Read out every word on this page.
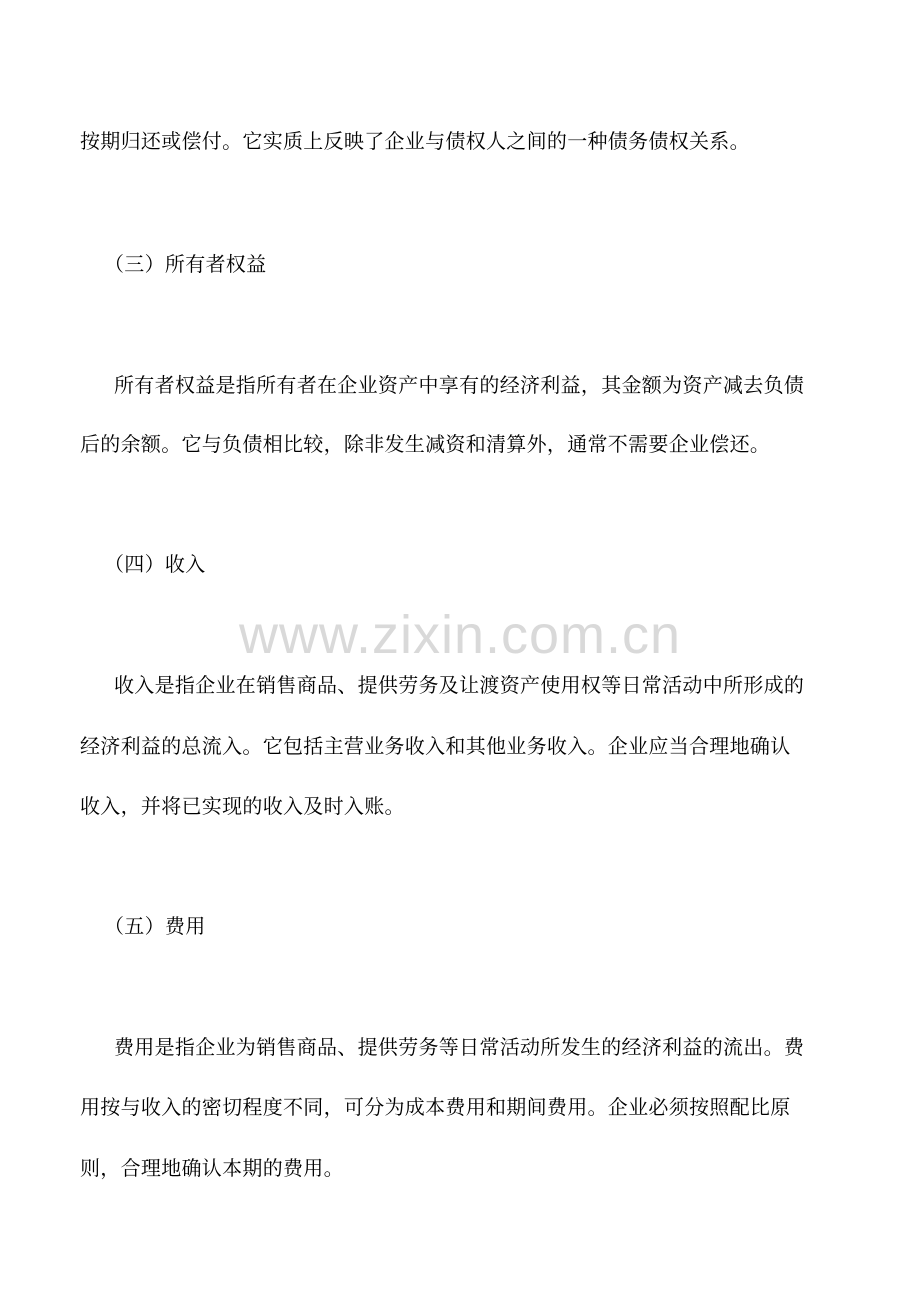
www.zixin.com.cn
按期归还或偿付。它实质上反映了企业与债权人之间的一种债务债权关系。
（三）所有者权益
所有者权益是指所有者在企业资产中享有的经济利益，其金额为资产减去负债
后的余额。它与负债相比较，除非发生减资和清算外，通常不需要企业偿还。
（四）收入
收入是指企业在销售商品、提供劳务及让渡资产使用权等日常活动中所形成的
经济利益的总流入。它包括主营业务收入和其他业务收入。企业应当合理地确认
收入，并将已实现的收入及时入账。
（五）费用
费用是指企业为销售商品、提供劳务等日常活动所发生的经济利益的流出。费
用按与收入的密切程度不同，可分为成本费用和期间费用。企业必须按照配比原
则，合理地确认本期的费用。
